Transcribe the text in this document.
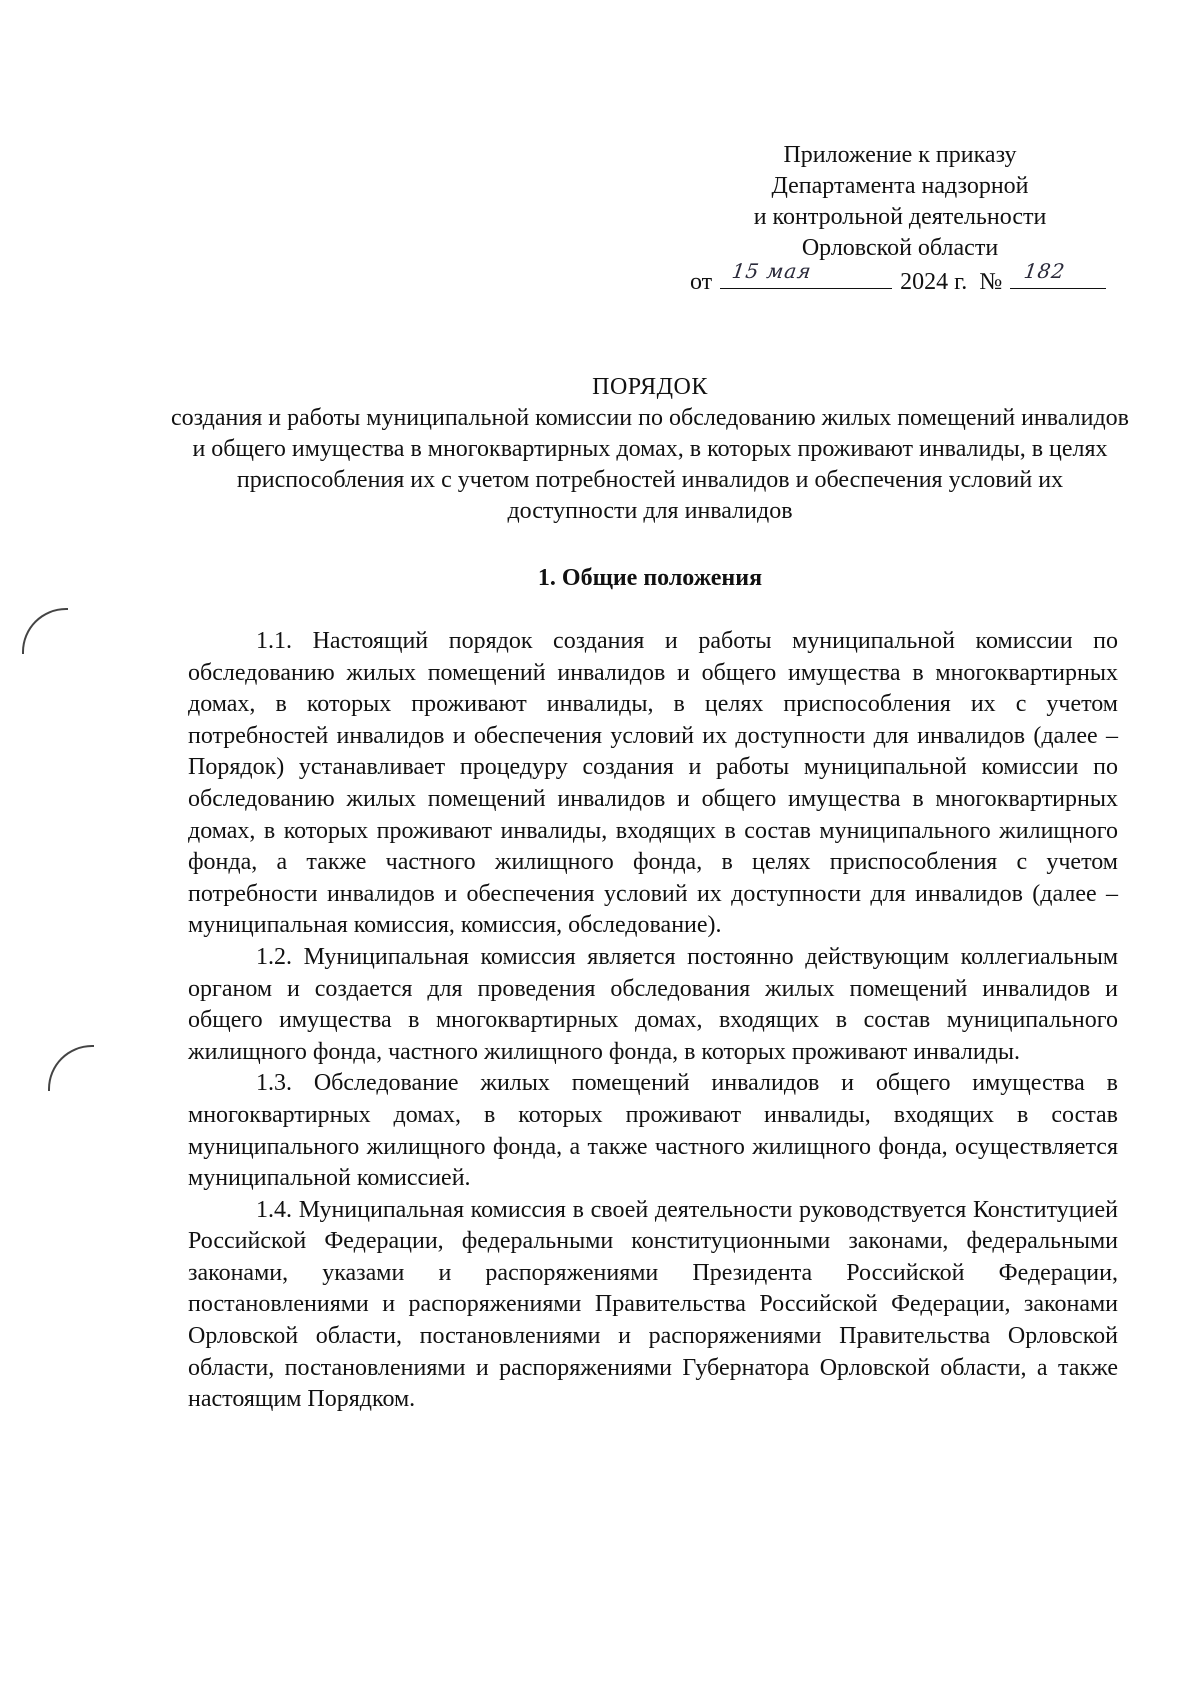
Приложение к приказу
Департамента надзорной
и контрольной деятельности
Орловской области
от 15 мая	2024 г. № 182
ПОРЯДОК
создания и работы муниципальной комиссии по обследованию жилых помещений инвалидов и общего имущества в многоквартирных домах, в которых проживают инвалиды, в целях приспособления их с учетом потребностей инвалидов и обеспечения условий их доступности для инвалидов
1. Общие положения

1.1. Настоящий порядок создания и работы муниципальной комиссии по обследованию жилых помещений инвалидов и общего имущества в многоквартирных домах, в которых проживают инвалиды, в целях приспособления их с учетом потребностей инвалидов и обеспечения условий их доступности для инвалидов (далее – Порядок) устанавливает процедуру создания и работы муниципальной комиссии по обследованию жилых помещений инвалидов и общего имущества в многоквартирных домах, в которых проживают инвалиды, входящих в состав муниципального жилищного фонда, а также частного жилищного фонда, в целях приспособления с учетом потребности инвалидов и обеспечения условий их доступности для инвалидов (далее – муниципальная комиссия, комиссия, обследование).

1.2. Муниципальная комиссия является постоянно действующим коллегиальным органом и создается для проведения обследования жилых помещений инвалидов и общего имущества в многоквартирных домах, входящих в состав муниципального жилищного фонда, частного жилищного фонда, в которых проживают инвалиды.

1.3. Обследование жилых помещений инвалидов и общего имущества в многоквартирных домах, в которых проживают инвалиды, входящих в состав муниципального жилищного фонда, а также частного жилищного фонда, осуществляется муниципальной комиссией.

1.4. Муниципальная комиссия в своей деятельности руководствуется Конституцией Российской Федерации, федеральными конституционными законами, федеральными законами, указами и распоряжениями Президента Российской Федерации, постановлениями и распоряжениями Правительства Российской Федерации, законами Орловской области, постановлениями и распоряжениями Правительства Орловской области, постановлениями и распоряжениями Губернатора Орловской области, а также настоящим Порядком.
